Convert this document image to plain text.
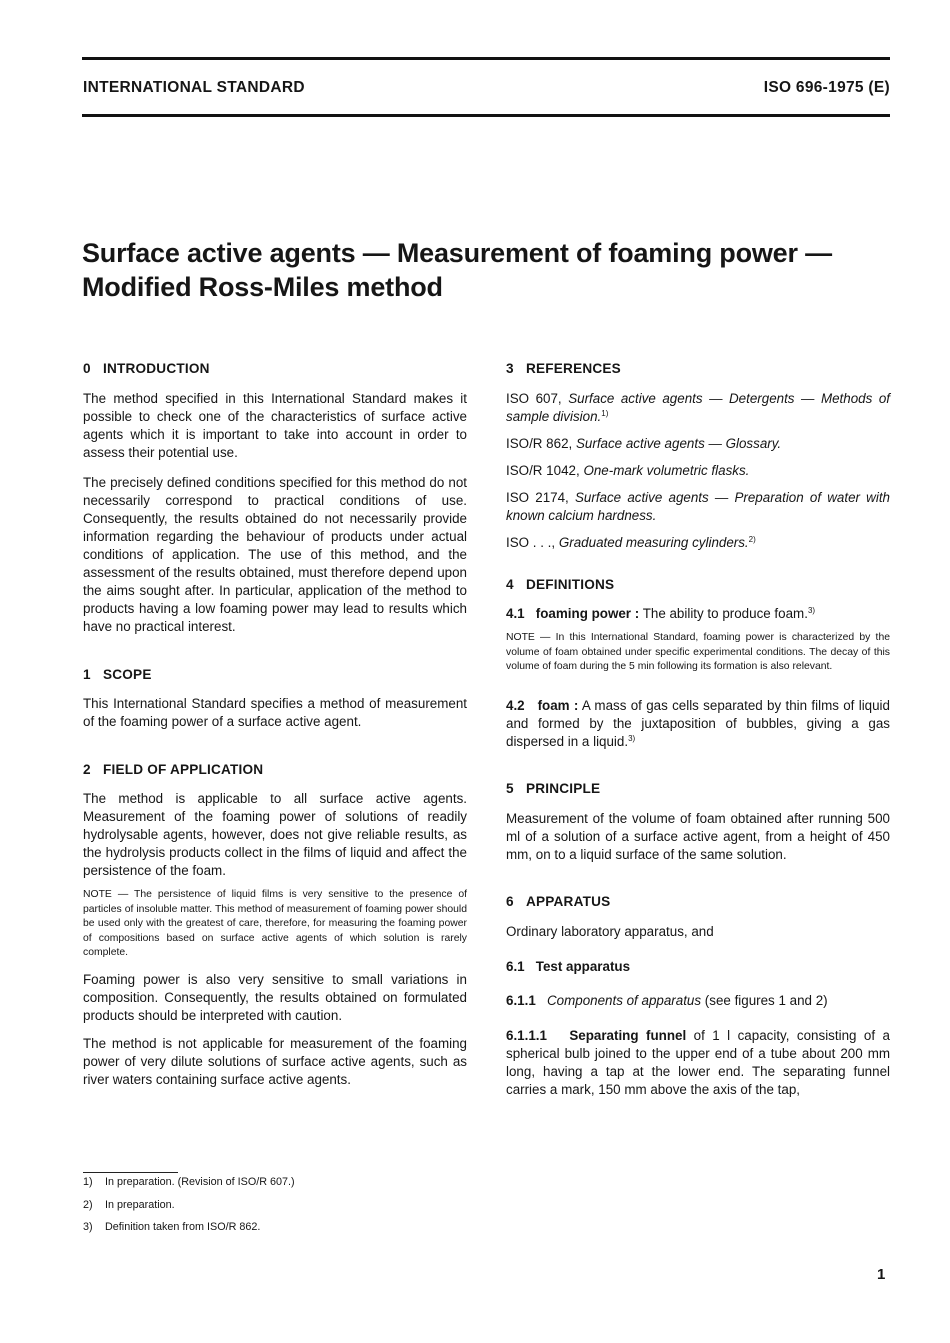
INTERNATIONAL STANDARD	ISO 696-1975 (E)
Surface active agents — Measurement of foaming power —
Modified Ross-Miles method

0 INTRODUCTION

The method specified in this International Standard makes it possible to check one of the characteristics of surface active agents which it is important to take into account in order to assess their potential use.

The precisely defined conditions specified for this method do not necessarily correspond to practical conditions of use. Consequently, the results obtained do not necessarily provide information regarding the behaviour of products under actual conditions of application. The use of this method, and the assessment of the results obtained, must therefore depend upon the aims sought after. In particular, application of the method to products having a low foaming power may lead to results which have no practical interest.

1 SCOPE

This International Standard specifies a method of measurement of the foaming power of a surface active agent.

2 FIELD OF APPLICATION

The method is applicable to all surface active agents. Measurement of the foaming power of solutions of readily hydrolysable agents, however, does not give reliable results, as the hydrolysis products collect in the films of liquid and affect the persistence of the foam.

NOTE — The persistence of liquid films is very sensitive to the presence of particles of insoluble matter. This method of measurement of foaming power should be used only with the greatest of care, therefore, for measuring the foaming power of compositions based on surface active agents of which solution is rarely complete.

Foaming power is also very sensitive to small variations in composition. Consequently, the results obtained on formulated products should be interpreted with caution.

The method is not applicable for measurement of the foaming power of very dilute solutions of surface active agents, such as river waters containing surface active agents.

3 REFERENCES

ISO 607, Surface active agents — Detergents — Methods of sample division.$^{1)}$

ISO/R 862, Surface active agents — Glossary.

ISO/R 1042, One-mark volumetric flasks.

ISO 2174, Surface active agents — Preparation of water with known calcium hardness.

ISO . . ., Graduated measuring cylinders.$^{2)}$

4 DEFINITIONS

4.1 foaming power : The ability to produce foam.$^{3)}$

NOTE — In this International Standard, foaming power is characterized by the volume of foam obtained under specific experimental conditions. The decay of this volume of foam during the 5 min following its formation is also relevant.

4.2 foam : A mass of gas cells separated by thin films of liquid and formed by the juxtaposition of bubbles, giving a gas dispersed in a liquid.$^{3)}$

5 PRINCIPLE

Measurement of the volume of foam obtained after running 500 ml of a solution of a surface active agent, from a height of 450 mm, on to a liquid surface of the same solution.

6 APPARATUS

Ordinary laboratory apparatus, and

6.1 Test apparatus

6.1.1 Components of apparatus (see figures 1 and 2)

6.1.1.1 Separating funnel of 1 l capacity, consisting of a spherical bulb joined to the upper end of a tube about 200 mm long, having a tap at the lower end. The separating funnel carries a mark, 150 mm above the axis of the tap,

1) In preparation. (Revision of ISO/R 607.)
2) In preparation.
3) Definition taken from ISO/R 862.
1
